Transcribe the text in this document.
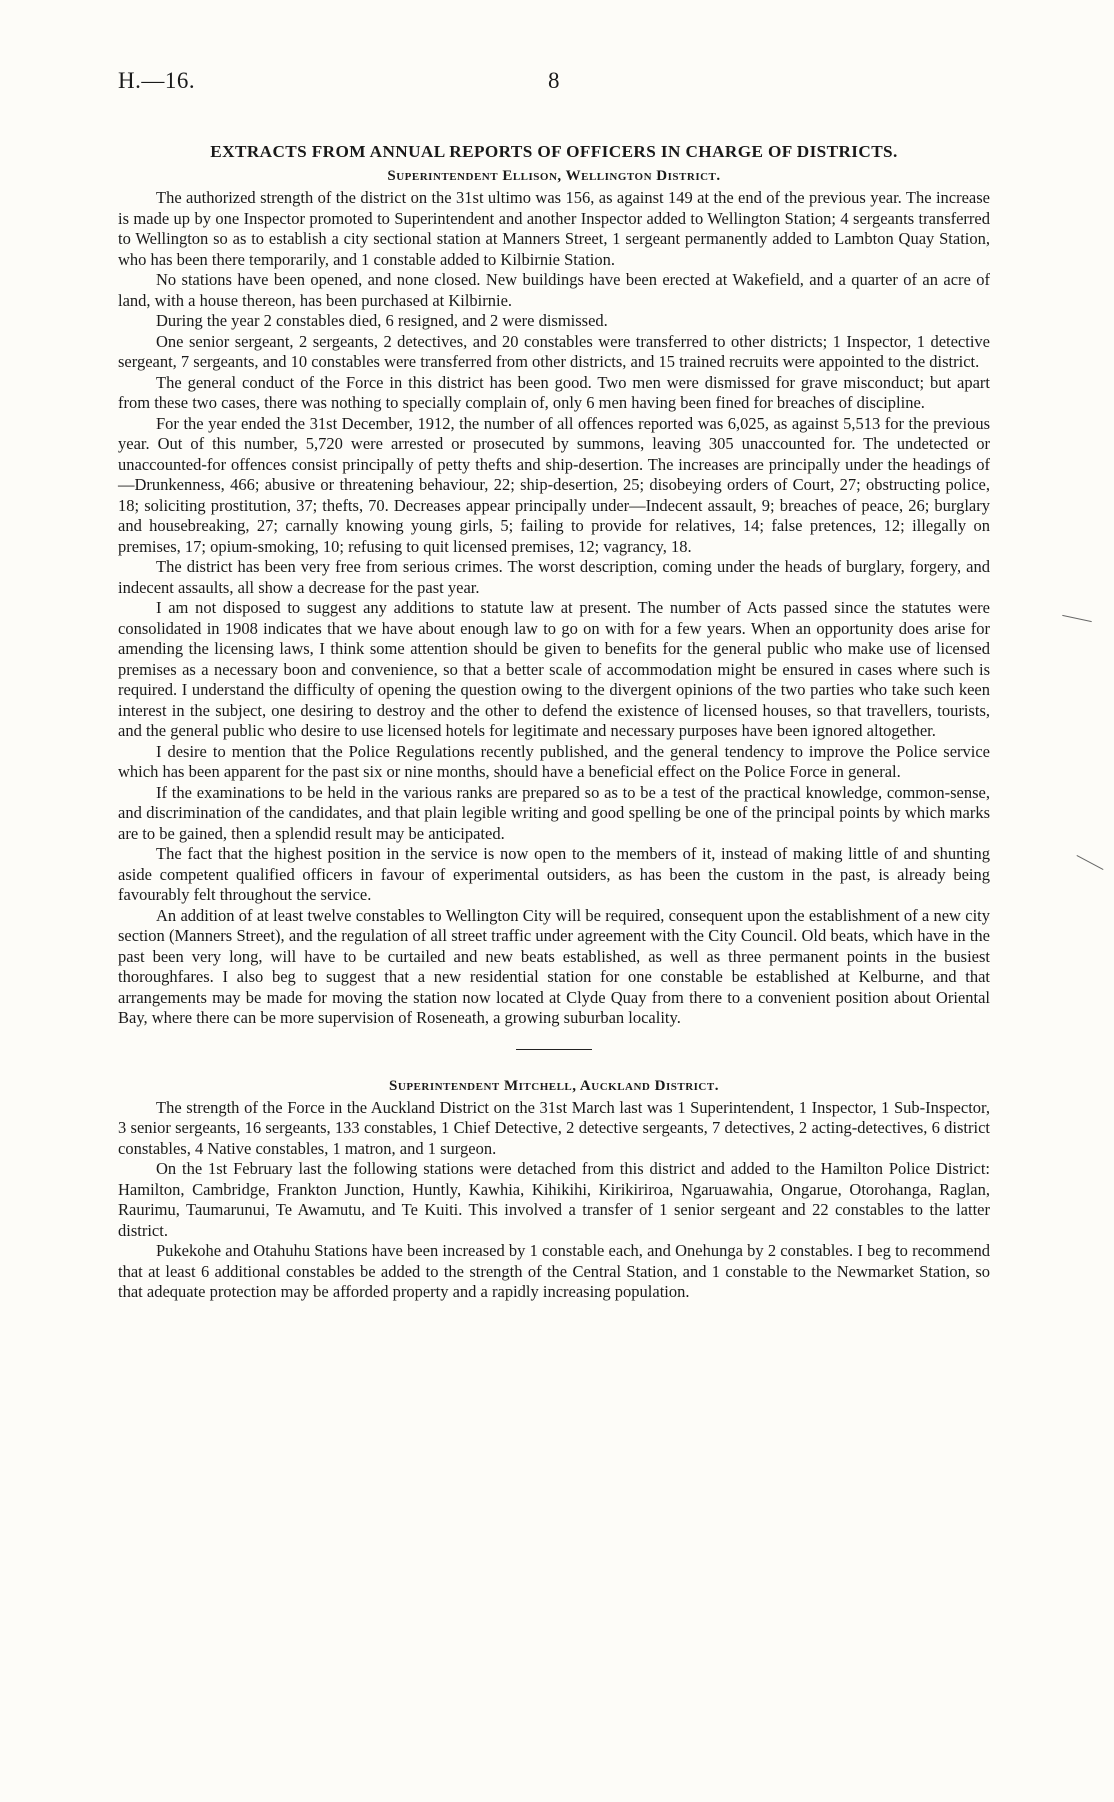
H.—16.	8
EXTRACTS FROM ANNUAL REPORTS OF OFFICERS IN CHARGE OF DISTRICTS.
Superintendent Ellison, Wellington District.

The authorized strength of the district on the 31st ultimo was 156, as against 149 at the end of the previous year. The increase is made up by one Inspector promoted to Superintendent and another Inspector added to Wellington Station; 4 sergeants transferred to Wellington so as to establish a city sectional station at Manners Street, 1 sergeant permanently added to Lambton Quay Station, who has been there temporarily, and 1 constable added to Kilbirnie Station.

No stations have been opened, and none closed. New buildings have been erected at Wakefield, and a quarter of an acre of land, with a house thereon, has been purchased at Kilbirnie.

During the year 2 constables died, 6 resigned, and 2 were dismissed.

One senior sergeant, 2 sergeants, 2 detectives, and 20 constables were transferred to other districts; 1 Inspector, 1 detective sergeant, 7 sergeants, and 10 constables were transferred from other districts, and 15 trained recruits were appointed to the district.

The general conduct of the Force in this district has been good. Two men were dismissed for grave misconduct; but apart from these two cases, there was nothing to specially complain of, only 6 men having been fined for breaches of discipline.

For the year ended the 31st December, 1912, the number of all offences reported was 6,025, as against 5,513 for the previous year. Out of this number, 5,720 were arrested or prosecuted by summons, leaving 305 unaccounted for. The undetected or unaccounted-for offences consist principally of petty thefts and ship-desertion. The increases are principally under the headings of—Drunkenness, 466; abusive or threatening behaviour, 22; ship-desertion, 25; disobeying orders of Court, 27; obstructing police, 18; soliciting prostitution, 37; thefts, 70. Decreases appear principally under—Indecent assault, 9; breaches of peace, 26; burglary and housebreaking, 27; carnally knowing young girls, 5; failing to provide for relatives, 14; false pretences, 12; illegally on premises, 17; opium-smoking, 10; refusing to quit licensed premises, 12; vagrancy, 18.

The district has been very free from serious crimes. The worst description, coming under the heads of burglary, forgery, and indecent assaults, all show a decrease for the past year.

I am not disposed to suggest any additions to statute law at present. The number of Acts passed since the statutes were consolidated in 1908 indicates that we have about enough law to go on with for a few years. When an opportunity does arise for amending the licensing laws, I think some attention should be given to benefits for the general public who make use of licensed premises as a necessary boon and convenience, so that a better scale of accommodation might be ensured in cases where such is required. I understand the difficulty of opening the question owing to the divergent opinions of the two parties who take such keen interest in the subject, one desiring to destroy and the other to defend the existence of licensed houses, so that travellers, tourists, and the general public who desire to use licensed hotels for legitimate and necessary purposes have been ignored altogether.

I desire to mention that the Police Regulations recently published, and the general tendency to improve the Police service which has been apparent for the past six or nine months, should have a beneficial effect on the Police Force in general.

If the examinations to be held in the various ranks are prepared so as to be a test of the practical knowledge, common-sense, and discrimination of the candidates, and that plain legible writing and good spelling be one of the principal points by which marks are to be gained, then a splendid result may be anticipated.

The fact that the highest position in the service is now open to the members of it, instead of making little of and shunting aside competent qualified officers in favour of experimental outsiders, as has been the custom in the past, is already being favourably felt throughout the service.

An addition of at least twelve constables to Wellington City will be required, consequent upon the establishment of a new city section (Manners Street), and the regulation of all street traffic under agreement with the City Council. Old beats, which have in the past been very long, will have to be curtailed and new beats established, as well as three permanent points in the busiest thoroughfares. I also beg to suggest that a new residential station for one constable be established at Kelburne, and that arrangements may be made for moving the station now located at Clyde Quay from there to a convenient position about Oriental Bay, where there can be more supervision of Roseneath, a growing suburban locality.

Superintendent Mitchell, Auckland District.

The strength of the Force in the Auckland District on the 31st March last was 1 Superintendent, 1 Inspector, 1 Sub-Inspector, 3 senior sergeants, 16 sergeants, 133 constables, 1 Chief Detective, 2 detective sergeants, 7 detectives, 2 acting-detectives, 6 district constables, 4 Native constables, 1 matron, and 1 surgeon.

On the 1st February last the following stations were detached from this district and added to the Hamilton Police District: Hamilton, Cambridge, Frankton Junction, Huntly, Kawhia, Kihikihi, Kirikiriroa, Ngaruawahia, Ongarue, Otorohanga, Raglan, Raurimu, Taumarunui, Te Awamutu, and Te Kuiti. This involved a transfer of 1 senior sergeant and 22 constables to the latter district.

Pukekohe and Otahuhu Stations have been increased by 1 constable each, and Onehunga by 2 constables. I beg to recommend that at least 6 additional constables be added to the strength of the Central Station, and 1 constable to the Newmarket Station, so that adequate protection may be afforded property and a rapidly increasing population.
